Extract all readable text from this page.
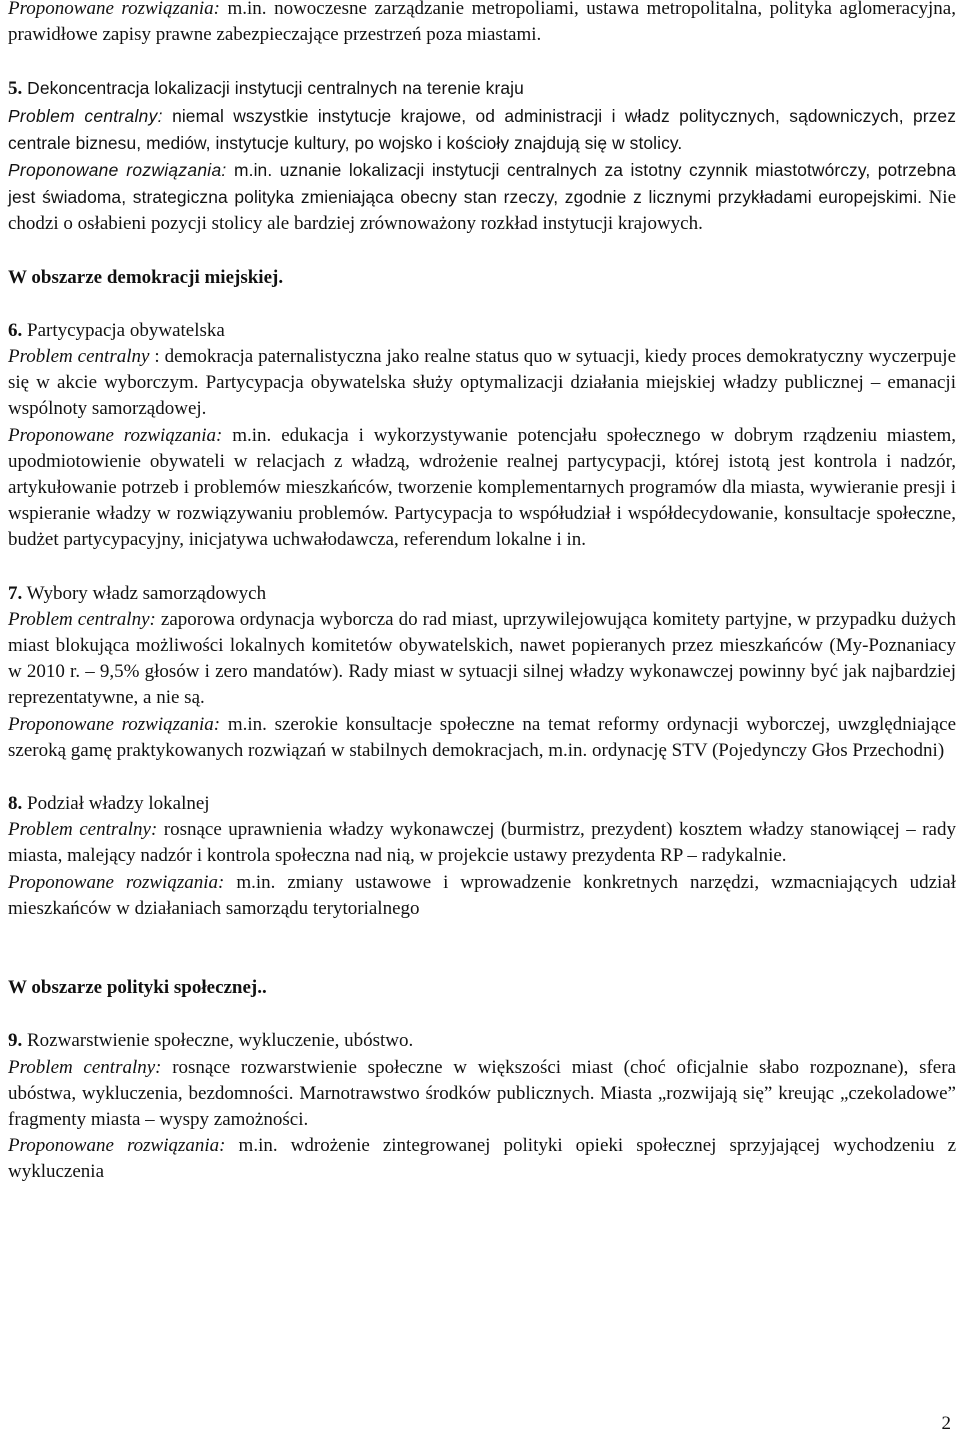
Proponowane rozwiązania: m.in. nowoczesne zarządzanie metropoliami, ustawa metropolitalna, polityka aglomeracyjna, prawidłowe zapisy prawne zabezpieczające przestrzeń poza miastami.

5. Dekoncentracja lokalizacji instytucji centralnych na terenie kraju

Problem centralny: niemal wszystkie instytucje krajowe, od administracji i władz politycznych, sądowniczych, przez centrale biznesu, mediów, instytucje kultury, po wojsko i kościoły znajdują się w stolicy.

Proponowane rozwiązania: m.in. uznanie lokalizacji instytucji centralnych za istotny czynnik miastotwórczy, potrzebna jest świadoma, strategiczna polityka zmieniająca obecny stan rzeczy, zgodnie z licznymi przykładami europejskimi. Nie chodzi o osłabieni pozycji stolicy ale bardziej zrównoważony rozkład instytucji krajowych.

W obszarze demokracji miejskiej.

6. Partycypacja obywatelska

Problem centralny : demokracja paternalistyczna jako realne status quo w sytuacji, kiedy proces demokratyczny wyczerpuje się w akcie wyborczym. Partycypacja obywatelska służy optymalizacji działania miejskiej władzy publicznej – emanacji wspólnoty samorządowej.

Proponowane rozwiązania: m.in. edukacja i wykorzystywanie potencjału społecznego w dobrym rządzeniu miastem, upodmiotowienie obywateli w relacjach z władzą, wdrożenie realnej partycypacji, której istotą jest kontrola i nadzór, artykułowanie potrzeb i problemów mieszkańców, tworzenie komplementarnych programów dla miasta, wywieranie presji i wspieranie władzy w rozwiązywaniu problemów. Partycypacja to współudział i współdecydowanie, konsultacje społeczne, budżet partycypacyjny, inicjatywa uchwałodawcza, referendum lokalne i in.

7. Wybory władz samorządowych

Problem centralny: zaporowa ordynacja wyborcza do rad miast, uprzywilejowująca komitety partyjne, w przypadku dużych miast blokująca możliwości lokalnych komitetów obywatelskich, nawet popieranych przez mieszkańców (My-Poznaniacy w 2010 r. – 9,5% głosów i zero mandatów). Rady miast w sytuacji silnej władzy wykonawczej powinny być jak najbardziej reprezentatywne, a nie są.

Proponowane rozwiązania: m.in. szerokie konsultacje społeczne na temat reformy ordynacji wyborczej, uwzględniające szeroką gamę praktykowanych rozwiązań w stabilnych demokracjach, m.in. ordynację STV (Pojedynczy Głos Przechodni)

8. Podział władzy lokalnej

Problem centralny: rosnące uprawnienia władzy wykonawczej (burmistrz, prezydent) kosztem władzy stanowiącej – rady miasta, malejący nadzór i kontrola społeczna nad nią, w projekcie ustawy prezydenta RP – radykalnie.

Proponowane rozwiązania: m.in. zmiany ustawowe i wprowadzenie konkretnych narzędzi, wzmacniających udział mieszkańców w działaniach samorządu terytorialnego

W obszarze polityki społecznej..

9. Rozwarstwienie społeczne, wykluczenie, ubóstwo.

Problem centralny: rosnące rozwarstwienie społeczne w większości miast (choć oficjalnie słabo rozpoznane), sfera ubóstwa, wykluczenia, bezdomności. Marnotrawstwo środków publicznych. Miasta „rozwijają się” kreując „czekoladowe” fragmenty miasta – wyspy zamożności.

Proponowane rozwiązania: m.in. wdrożenie zintegrowanej polityki opieki społecznej sprzyjającej wychodzeniu z wykluczenia

2
